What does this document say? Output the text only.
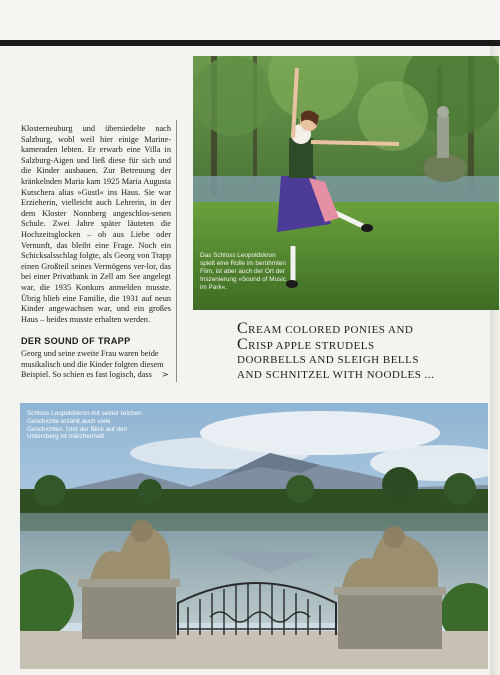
Klosterneuburg und übersiedelte nach Salzburg, wohl weil hier einige Marine-kameraden lebten. Er erwarb eine Villa in Salzburg-Aigen und ließ diese für sich und die Kinder ausbauen. Zur Betreuung der kränkelnden Maria kam 1925 Maria Augusta Kutschera alias »Gustl« ins Haus. Sie war Erzieherin, vielleicht auch Lehrerin, in der dem Kloster Nonnberg angeschlos-senen Schule. Zwei Jahre später läuteten die Hochzeitsglocken – ob aus Liebe oder Vernunft, das bleibt eine Frage. Noch ein Schicksalsschlag folgte, als Georg von Trapp einen Großteil seines Vermögens ver-lor, das bei einer Privatbank in Zell am See angelegt war, die 1935 Konkurs anmelden musste. Übrig blieb eine Familie, die 1931 auf neun Kinder angewachsen war, und ein großes Haus – beides musste erhalten werden.

DER SOUND OF TRAPP
Georg und seine zweite Frau waren beide musikalisch und die Kinder folgten diesem Beispiel. So schien es fast logisch, dass >
Das Schloss Leopoldskron spielt eine Rolle im berühmten Film, ist aber auch der Ort der Inszenierung »Sound of Music im Park«.
CREAM COLORED PONIES AND
CRISP APPLE STRUDELS
DOORBELLS AND SLEIGH BELLS
AND SCHNITZEL WITH NOODLES ...
Schloss Leopoldskron mit seiner reichen Geschichte erzählt auch viele Geschichten. Und der Blick auf den Untersberg ist märchenhaft.
